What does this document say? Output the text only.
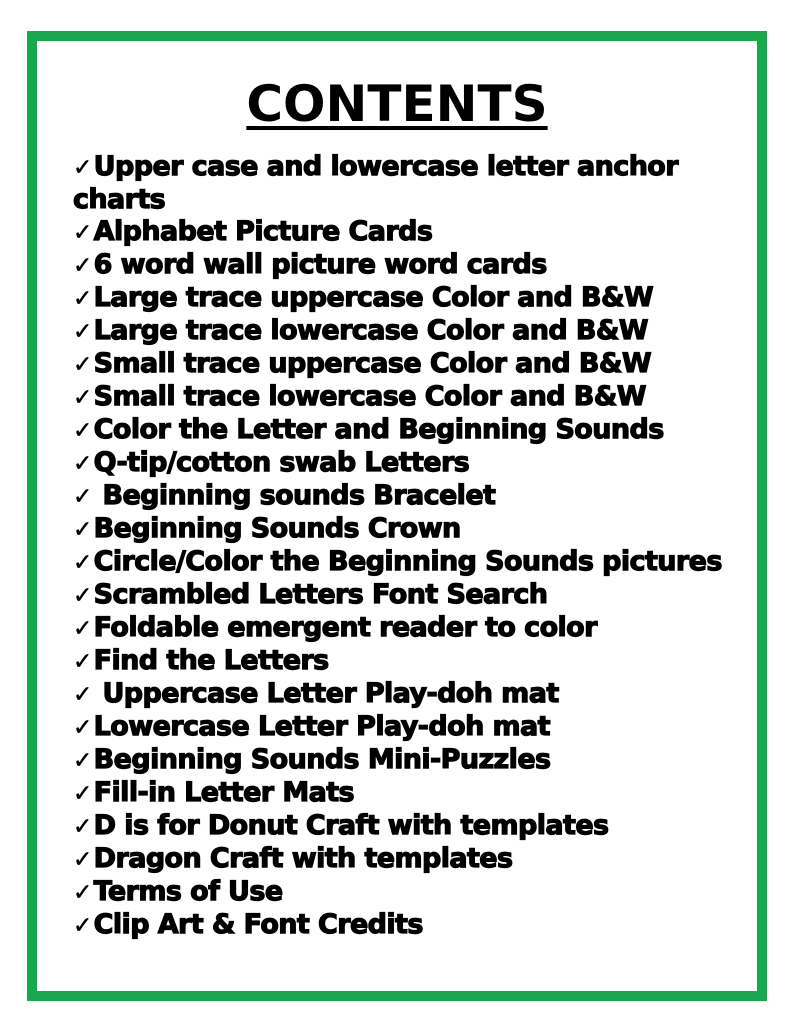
CONTENTS
✓Upper case and lowercase letter anchor charts
✓Alphabet Picture Cards
✓6 word wall picture word cards
✓Large trace uppercase Color and B&W
✓Large trace lowercase Color and B&W
✓Small trace uppercase Color and B&W
✓Small trace lowercase Color and B&W
✓Color the Letter and Beginning Sounds
✓Q-tip/cotton swab Letters
✓ Beginning sounds Bracelet
✓Beginning Sounds Crown
✓Circle/Color the Beginning Sounds pictures
✓Scrambled Letters Font Search
✓Foldable emergent reader to color
✓Find the Letters
✓ Uppercase Letter Play-doh mat
✓Lowercase Letter Play-doh mat
✓Beginning Sounds Mini-Puzzles
✓Fill-in Letter Mats
✓D is for Donut Craft with templates
✓Dragon Craft with templates
✓Terms of Use
✓Clip Art & Font Credits
